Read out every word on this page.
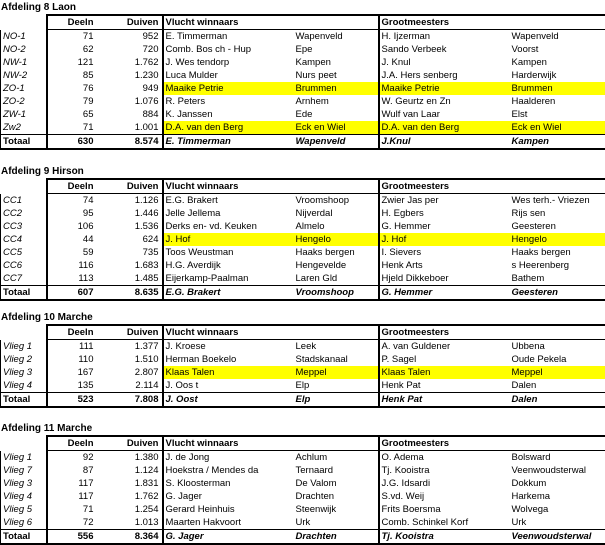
Afdeling 8 Laon
	Deeln	Duiven	Vlucht winnaars		Grootmeesters	
NO-1	71	952	E. Timmerman	Wapenveld	H. Ijzerman	Wapenveld
NO-2	62	720	Comb. Bos ch - Hup	Epe	Sando Verbeek	Voorst
NW-1	121	1.762	J. Wes tendorp	Kampen	J. Knul	Kampen
NW-2	85	1.230	Luca Mulder	Nurs peet	J.A. Hers senberg	Harderwijk
ZO-1	76	949	Maaike Petrie	Brummen	Maaike Petrie	Brummen
ZO-2	79	1.076	R. Peters	Arnhem	W. Geurtz en Zn	Haalderen
ZW-1	65	884	K. Janssen	Ede	Wulf van Laar	Elst
Zw2	71	1.001	D.A. van den Berg	Eck en Wiel	D.A. van den Berg	Eck en Wiel
Totaal	630	8.574	E. Timmerman	Wapenveld	J.Knul	Kampen
Afdeling 9 Hirson
	Deeln	Duiven	Vlucht winnaars		Grootmeesters	
CC1	74	1.126	E.G. Brakert	Vroomshoop	Zwier Jas per	Wes terh.- Vriezen
CC2	95	1.446	Jelle Jellema	Nijverdal	H. Egbers	Rijs sen
CC3	106	1.536	Derks en- vd. Keuken	Almelo	G. Hemmer	Geesteren
CC4	44	624	J. Hof	Hengelo	J. Hof	Hengelo
CC5	59	735	Toos Weustman	Haaks bergen	I. Sievers	Haaks bergen
CC6	116	1.683	H.G. Averdijk	Hengevelde	Henk Arts	s Heerenberg
CC7	113	1.485	Eijerkamp-Paalman	Laren Gld	Hjeld Dikkeboer	Bathem
Totaal	607	8.635	E.G. Brakert	Vroomshoop	G. Hemmer	Geesteren
Afdeling 10 Marche
	Deeln	Duiven	Vlucht winnaars		Grootmeesters	
Vlieg 1	111	1.377	J. Kroese	Leek	A. van Guldener	Ubbena
Vlieg 2	110	1.510	Herman Boekelo	Stadskanaal	P. Sagel	Oude Pekela
Vlieg 3	167	2.807	Klaas Talen	Meppel	Klaas Talen	Meppel
Vlieg 4	135	2.114	J. Oos t	Elp	Henk Pat	Dalen
Totaal	523	7.808	J. Oost	Elp	Henk Pat	Dalen
Afdeling 11 Marche
	Deeln	Duiven	Vlucht winnaars		Grootmeesters	
Vlieg 1	92	1.380	J. de Jong	Achlum	O. Adema	Bolsward
Vlieg 7	87	1.124	Hoekstra / Mendes da	Ternaard	Tj. Kooistra	Veenwoudsterwal
Vlieg 3	117	1.831	S. Kloosterman	De Valom	J.G. Idsardi	Dokkum
Vlieg 4	117	1.762	G. Jager	Drachten	S.vd. Weij	Harkema
Vlieg 5	71	1.254	Gerard Heinhuis	Steenwijk	Frits Boersma	Wolvega
Vlieg 6	72	1.013	Maarten Hakvoort	Urk	Comb. Schinkel Korf	Urk
Totaal	556	8.364	G. Jager	Drachten	Tj. Kooistra	Veenwoudsterwal
